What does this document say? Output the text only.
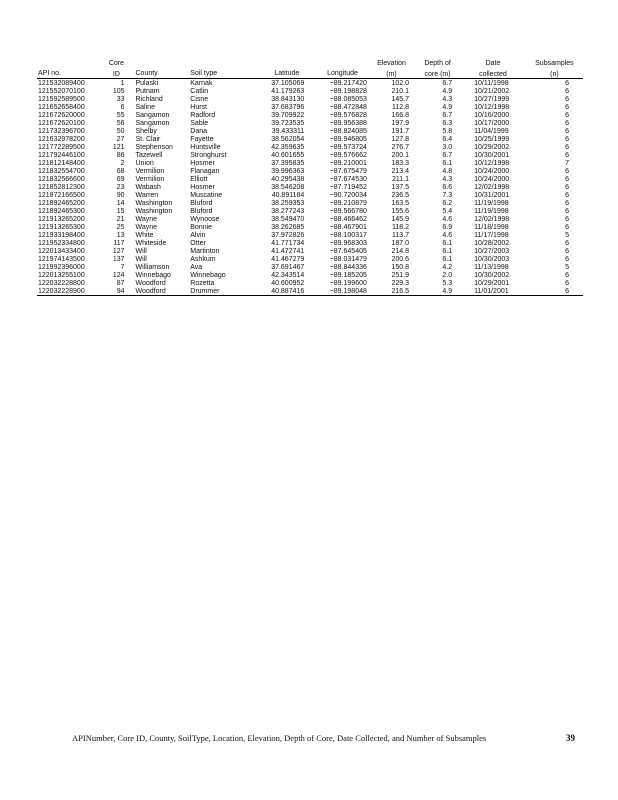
	Core					Elevation	Depth of	Date	Subsamples
API no.	ID	County	Soil type	Latitude	Longitude	(m)	core (m)	collected	(n)
121532089400	1	Pulaski	Karnak	37.105069	−89.217420	102.0	6.7	10/11/1998	6
121552070100	105	Putnam	Catlin	41.179263	−89.198828	210.1	4.9	10/21/2002	6
121592589500	33	Richland	Cisne	38.843130	−88.085053	145.7	4.3	10/27/1999	6
121652658400	6	Saline	Hurst	37.683796	−88.472848	112.8	4.9	10/12/1998	6
121672620000	55	Sangamon	Radford	39.709922	−89.576828	166.8	6.7	10/16/2000	6
121672620100	56	Sangamon	Sable	39.723535	−89.956388	197.9	6.3	10/17/2000	6
121732396700	50	Shelby	Dana	39.433311	−88.824085	191.7	5.8	11/04/1999	6
121632978200	27	St. Clair	Fayette	38.562054	−89.946805	127.8	6.4	10/25/1999	6
121772289500	121	Stephenson	Huntsville	42.359635	−89.573724	276.7	3.0	10/29/2002	6
121792446100	86	Tazewell	Stronghurst	40.601655	−89.576662	200.1	6.7	10/30/2001	6
121812148400	2	Union	Hosmer	37.395835	−89.210001	183.3	6.1	10/12/1998	7
121832554700	68	Vermilion	Flanagan	39.996363	−87.675479	213.4	4.8	10/24/2000	6
121832566600	69	Vermilion	Elliott	40.295438	−87.674530	211.1	4.3	10/24/2000	6
121852812300	23	Wabash	Hosmer	38.546208	−87.719452	137.5	6.6	12/02/1998	6
121872166500	90	Warren	Muscatine	40.891184	−90.720034	236.5	7.3	10/31/2001	6
121892465200	14	Washington	Bluford	38.259353	−89.210879	163.5	6.2	11/19/1998	6
121892465300	15	Washington	Bluford	38.277243	−89.566780	155.6	5.4	11/19/1998	6
121913265200	21	Wayne	Wynoose	38.549470	−88.466462	145.9	4.6	12/02/1998	6
121913265300	25	Wayne	Bonnie	38.262685	−88.467901	118.2	6.9	11/18/1998	6
121933198400	13	White	Alvin	37.972826	−88.100317	113.7	4.6	11/17/1998	5
121952334800	117	Whiteside	Otter	41.771734	−89.968303	187.0	6.1	10/28/2002	6
122013433400	127	Will	Martinton	41.472741	−87.645405	214.8	6.1	10/27/2003	6
121974143500	137	Will	Ashkum	41.467279	−88.031479	200.6	6.1	10/30/2003	6
121992396000	7	Williamson	Ava	37.691467	−88.844336	150.8	4.2	11/13/1998	5
122013255100	124	Winnebago	Winnebago	42.343514	−89.185205	251.9	2.0	10/30/2002	6
122032228800	87	Woodford	Rozetta	40.600952	−89.199600	229.3	5.3	10/29/2001	6
122032228900	94	Woodford	Drummer	40.887416	−89.198048	216.5	4.9	11/01/2001	6
APINumber, Core ID, County, SoilType, Location, Elevation, Depth of Core, Date Collected, and Number of Subsamples	39
